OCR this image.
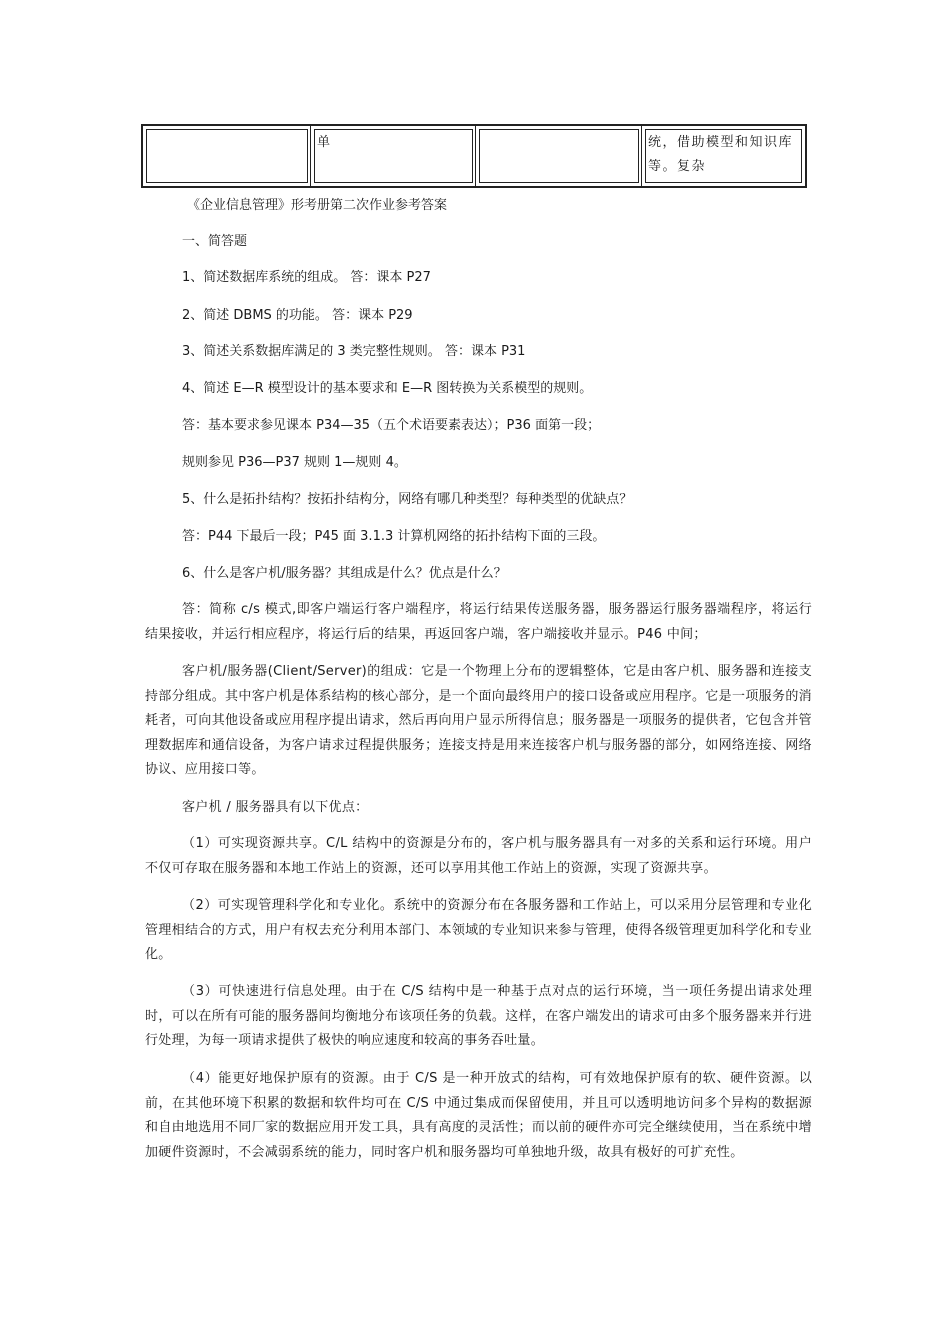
单	统，借助模型和知识库等。复杂
《企业信息管理》形考册第二次作业参考答案
一、简答题
1、简述数据库系统的组成。 答：课本 P27
2、简述 DBMS 的功能。 答：课本 P29
3、简述关系数据库满足的 3 类完整性规则。 答：课本 P31
4、简述 E—R 模型设计的基本要求和 E—R 图转换为关系模型的规则。
答：基本要求参见课本 P34—35（五个术语要素表达）；P36 面第一段；
规则参见 P36—P37 规则 1—规则 4。
5、什么是拓扑结构？按拓扑结构分，网络有哪几种类型？每种类型的优缺点？
答：P44 下最后一段；P45 面 3.1.3 计算机网络的拓扑结构下面的三段。
6、什么是客户机/服务器？其组成是什么？优点是什么？
答：简称 c/s 模式,即客户端运行客户端程序，将运行结果传送服务器，服务器运行服务器端程序，将运行结果接收，并运行相应程序，将运行后的结果，再返回客户端，客户端接收并显示。P46 中间；
客户机/服务器(Client/Server)的组成：它是一个物理上分布的逻辑整体，它是由客户机、服务器和连接支持部分组成。其中客户机是体系结构的核心部分，是一个面向最终用户的接口设备或应用程序。它是一项服务的消耗者，可向其他设备或应用程序提出请求，然后再向用户显示所得信息；服务器是一项服务的提供者，它包含并管理数据库和通信设备，为客户请求过程提供服务；连接支持是用来连接客户机与服务器的部分，如网络连接、网络协议、应用接口等。
客户机 / 服务器具有以下优点：
（1）可实现资源共享。C/L 结构中的资源是分布的，客户机与服务器具有一对多的关系和运行环境。用户不仅可存取在服务器和本地工作站上的资源，还可以享用其他工作站上的资源，实现了资源共享。
（2）可实现管理科学化和专业化。系统中的资源分布在各服务器和工作站上，可以采用分层管理和专业化管理相结合的方式，用户有权去充分利用本部门、本领域的专业知识来参与管理，使得各级管理更加科学化和专业化。
（3）可快速进行信息处理。由于在 C/S 结构中是一种基于点对点的运行环境，当一项任务提出请求处理时，可以在所有可能的服务器间均衡地分布该项任务的负载。这样，在客户端发出的请求可由多个服务器来并行进行处理，为每一项请求提供了极快的响应速度和较高的事务吞吐量。
（4）能更好地保护原有的资源。由于 C/S 是一种开放式的结构，可有效地保护原有的软、硬件资源。以前，在其他环境下积累的数据和软件均可在 C/S 中通过集成而保留使用，并且可以透明地访问多个异构的数据源和自由地选用不同厂家的数据应用开发工具，具有高度的灵活性；而以前的硬件亦可完全继续使用，当在系统中增加硬件资源时，不会减弱系统的能力，同时客户机和服务器均可单独地升级，故具有极好的可扩充性。
